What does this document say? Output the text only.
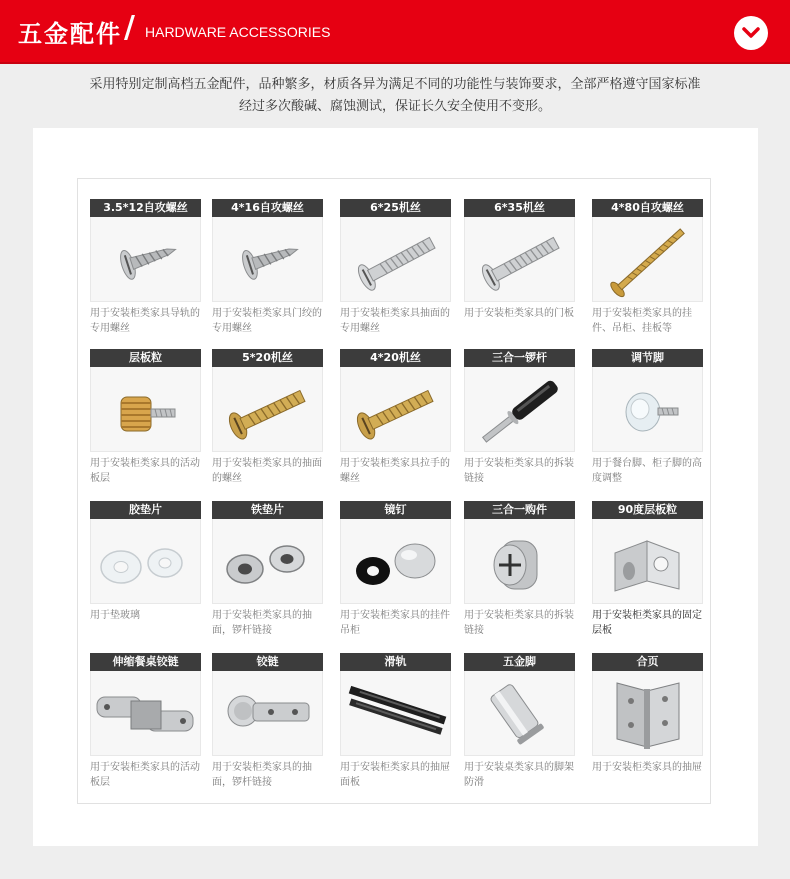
五金配件 / HARDWARE ACCESSORIES
采用特别定制高档五金配件，品种繁多，材质各异为满足不同的功能性与装饰要求，全部严格遵守国家标准
经过多次酸碱、腐蚀测试，保证长久安全使用不变形。
3.5*12自攻螺丝
用于安装柜类家具导轨的专用螺丝
4*16自攻螺丝
用于安装柜类家具门绞的专用螺丝
6*25机丝
用于安装柜类家具抽面的专用螺丝
6*35机丝
用于安装柜类家具的门板
4*80自攻螺丝
用于安装柜类家具的挂件、吊柜、挂板等
层板粒
用于安装柜类家具的活动板层
5*20机丝
用于安装柜类家具的抽面的螺丝
4*20机丝
用于安装柜类家具拉手的螺丝
三合一锣杆
用于安装柜类家具的拆装链接
调节脚
用于餐台脚、柜子脚的高度调整
胶垫片
用于垫玻璃
铁垫片
用于安装柜类家具的抽面，锣杆链接
镜钉
用于安装柜类家具的挂件吊柜
三合一购件
用于安装柜类家具的拆装链接
90度层板粒
用于安装柜类家具的固定层板
伸缩餐桌铰链
用于安装柜类家具的活动板层
铰链
用于安装柜类家具的抽面，锣杆链接
滑轨
用于安装柜类家具的抽屉面板
五金脚
用于安装桌类家具的脚架防滑
合页
用于安装柜类家具的抽屉
